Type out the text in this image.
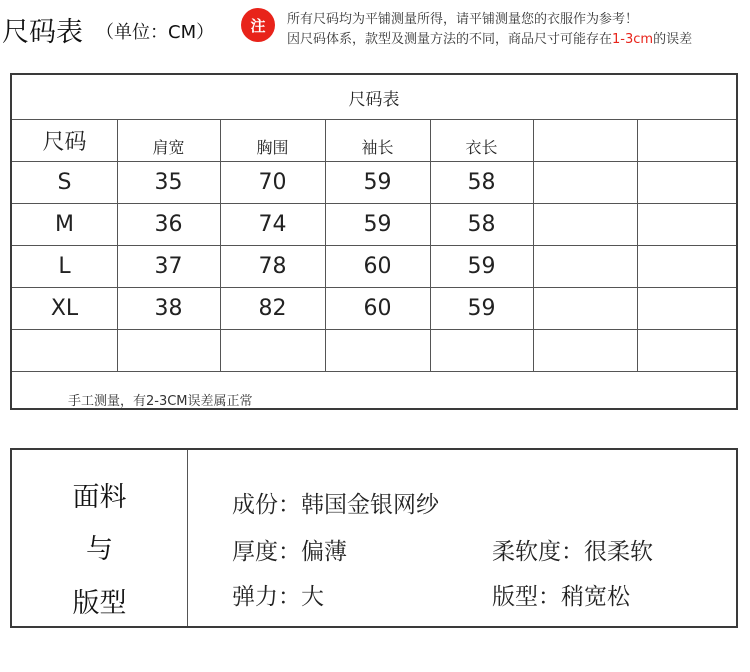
尺码表 （单位：CM）	注	所有尺码均为平铺测量所得，请平铺测量您的衣服作为参考！
因尺码体系，款型及测量方法的不同，商品尺寸可能存在1-3cm的误差
尺码表
手工测量，有2-3CM误差属正常
尺码	肩宽	胸围	袖长	衣长
S	35	70	59	58
M	36	74	59	58
L	37	78	60	59
XL	38	82	60	59
面料
与
版型
成份：韩国金银网纱
厚度：偏薄	柔软度：很柔软
弹力：大	版型：稍宽松
